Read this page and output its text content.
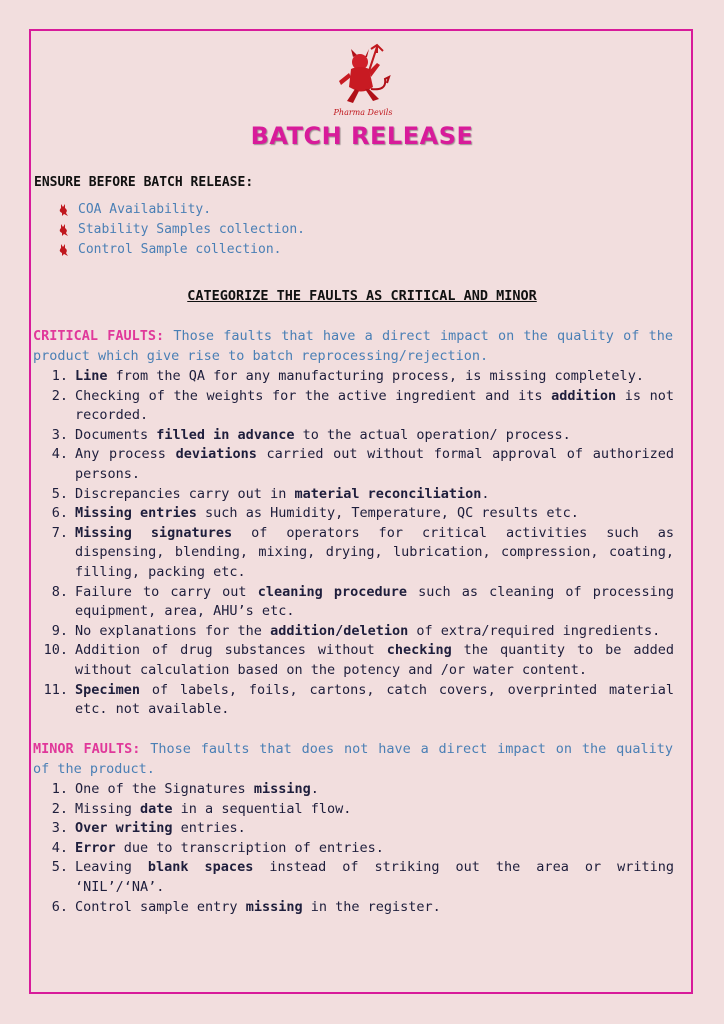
Pharma Devils
BATCH RELEASE
ENSURE BEFORE BATCH RELEASE:
COA Availability.
Stability Samples collection.
Control Sample collection.
CATEGORIZE THE FAULTS AS CRITICAL AND MINOR
CRITICAL FAULTS: Those faults that have a direct impact on the quality of the product which give rise to batch reprocessing/rejection.
1. Line from the QA for any manufacturing process, is missing completely.
2. Checking of the weights for the active ingredient and its addition is not recorded.
3. Documents filled in advance to the actual operation/ process.
4. Any process deviations carried out without formal approval of authorized persons.
5. Discrepancies carry out in material reconciliation.
6. Missing entries such as Humidity, Temperature, QC results etc.
7. Missing signatures of operators for critical activities such as dispensing, blending, mixing, drying, lubrication, compression, coating, filling, packing etc.
8. Failure to carry out cleaning procedure such as cleaning of processing equipment, area, AHU’s etc.
9. No explanations for the addition/deletion of extra/required ingredients.
10. Addition of drug substances without checking the quantity to be added without calculation based on the potency and /or water content.
11. Specimen of labels, foils, cartons, catch covers, overprinted material etc. not available.
MINOR FAULTS: Those faults that does not have a direct impact on the quality of the product.
1. One of the Signatures missing.
2. Missing date in a sequential flow.
3. Over writing entries.
4. Error due to transcription of entries.
5. Leaving blank spaces instead of striking out the area or writing ‘NIL’/‘NA’.
6. Control sample entry missing in the register.
